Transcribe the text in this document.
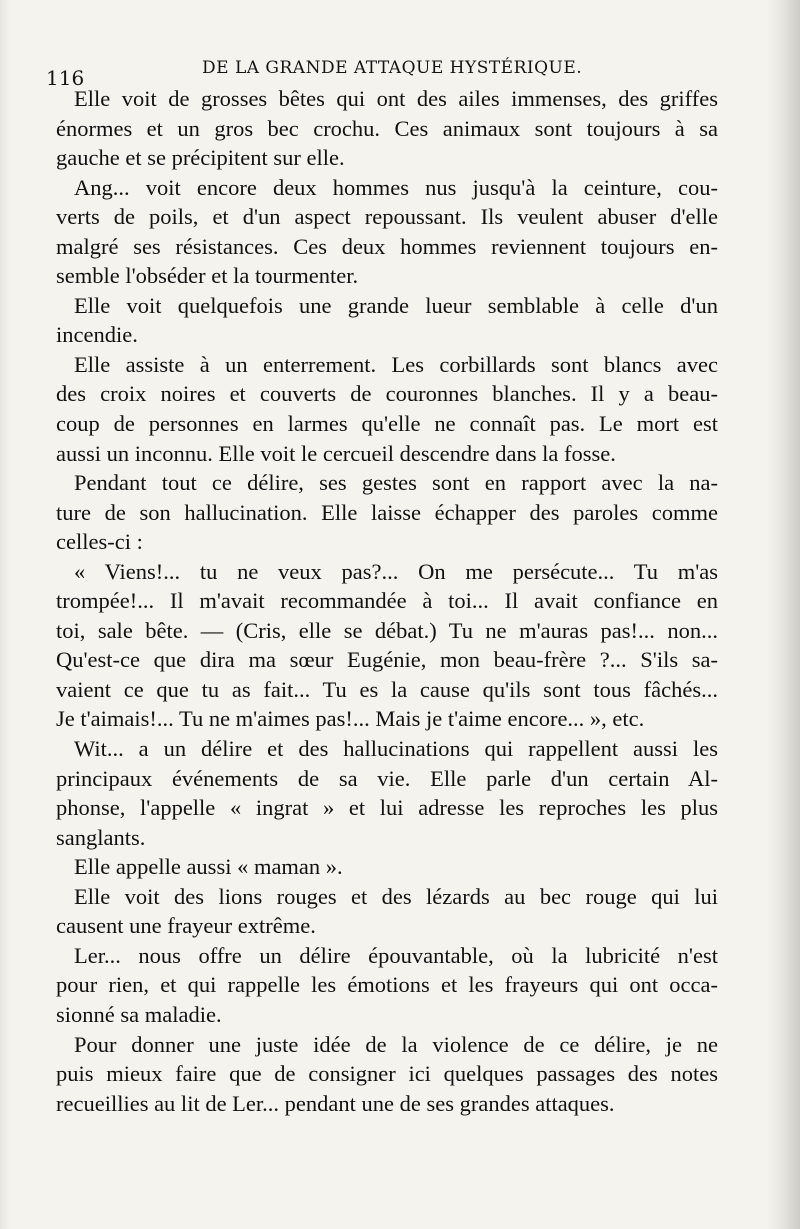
116	DE LA GRANDE ATTAQUE HYSTÉRIQUE.
Elle voit de grosses bêtes qui ont des ailes immenses, des griffes
énormes et un gros bec crochu. Ces animaux sont toujours à sa
gauche et se précipitent sur elle.
Ang... voit encore deux hommes nus jusqu'à la ceinture, cou-
verts de poils, et d'un aspect repoussant. Ils veulent abuser d'elle
malgré ses résistances. Ces deux hommes reviennent toujours en-
semble l'obséder et la tourmenter.
Elle voit quelquefois une grande lueur semblable à celle d'un
incendie.
Elle assiste à un enterrement. Les corbillards sont blancs avec
des croix noires et couverts de couronnes blanches. Il y a beau-
coup de personnes en larmes qu'elle ne connaît pas. Le mort est
aussi un inconnu. Elle voit le cercueil descendre dans la fosse.
Pendant tout ce délire, ses gestes sont en rapport avec la na-
ture de son hallucination. Elle laisse échapper des paroles comme
celles-ci :
« Viens!... tu ne veux pas?... On me persécute... Tu m'as
trompée!... Il m'avait recommandée à toi... Il avait confiance en
toi, sale bête. — (Cris, elle se débat.) Tu ne m'auras pas!... non...
Qu'est-ce que dira ma sœur Eugénie, mon beau-frère ?... S'ils sa-
vaient ce que tu as fait... Tu es la cause qu'ils sont tous fâchés...
Je t'aimais!... Tu ne m'aimes pas!... Mais je t'aime encore... », etc.
Wit... a un délire et des hallucinations qui rappellent aussi les
principaux événements de sa vie. Elle parle d'un certain Al-
phonse, l'appelle « ingrat » et lui adresse les reproches les plus
sanglants.
Elle appelle aussi « maman ».
Elle voit des lions rouges et des lézards au bec rouge qui lui
causent une frayeur extrême.
Ler... nous offre un délire épouvantable, où la lubricité n'est
pour rien, et qui rappelle les émotions et les frayeurs qui ont occa-
sionné sa maladie.
Pour donner une juste idée de la violence de ce délire, je ne
puis mieux faire que de consigner ici quelques passages des notes
recueillies au lit de Ler... pendant une de ses grandes attaques.
